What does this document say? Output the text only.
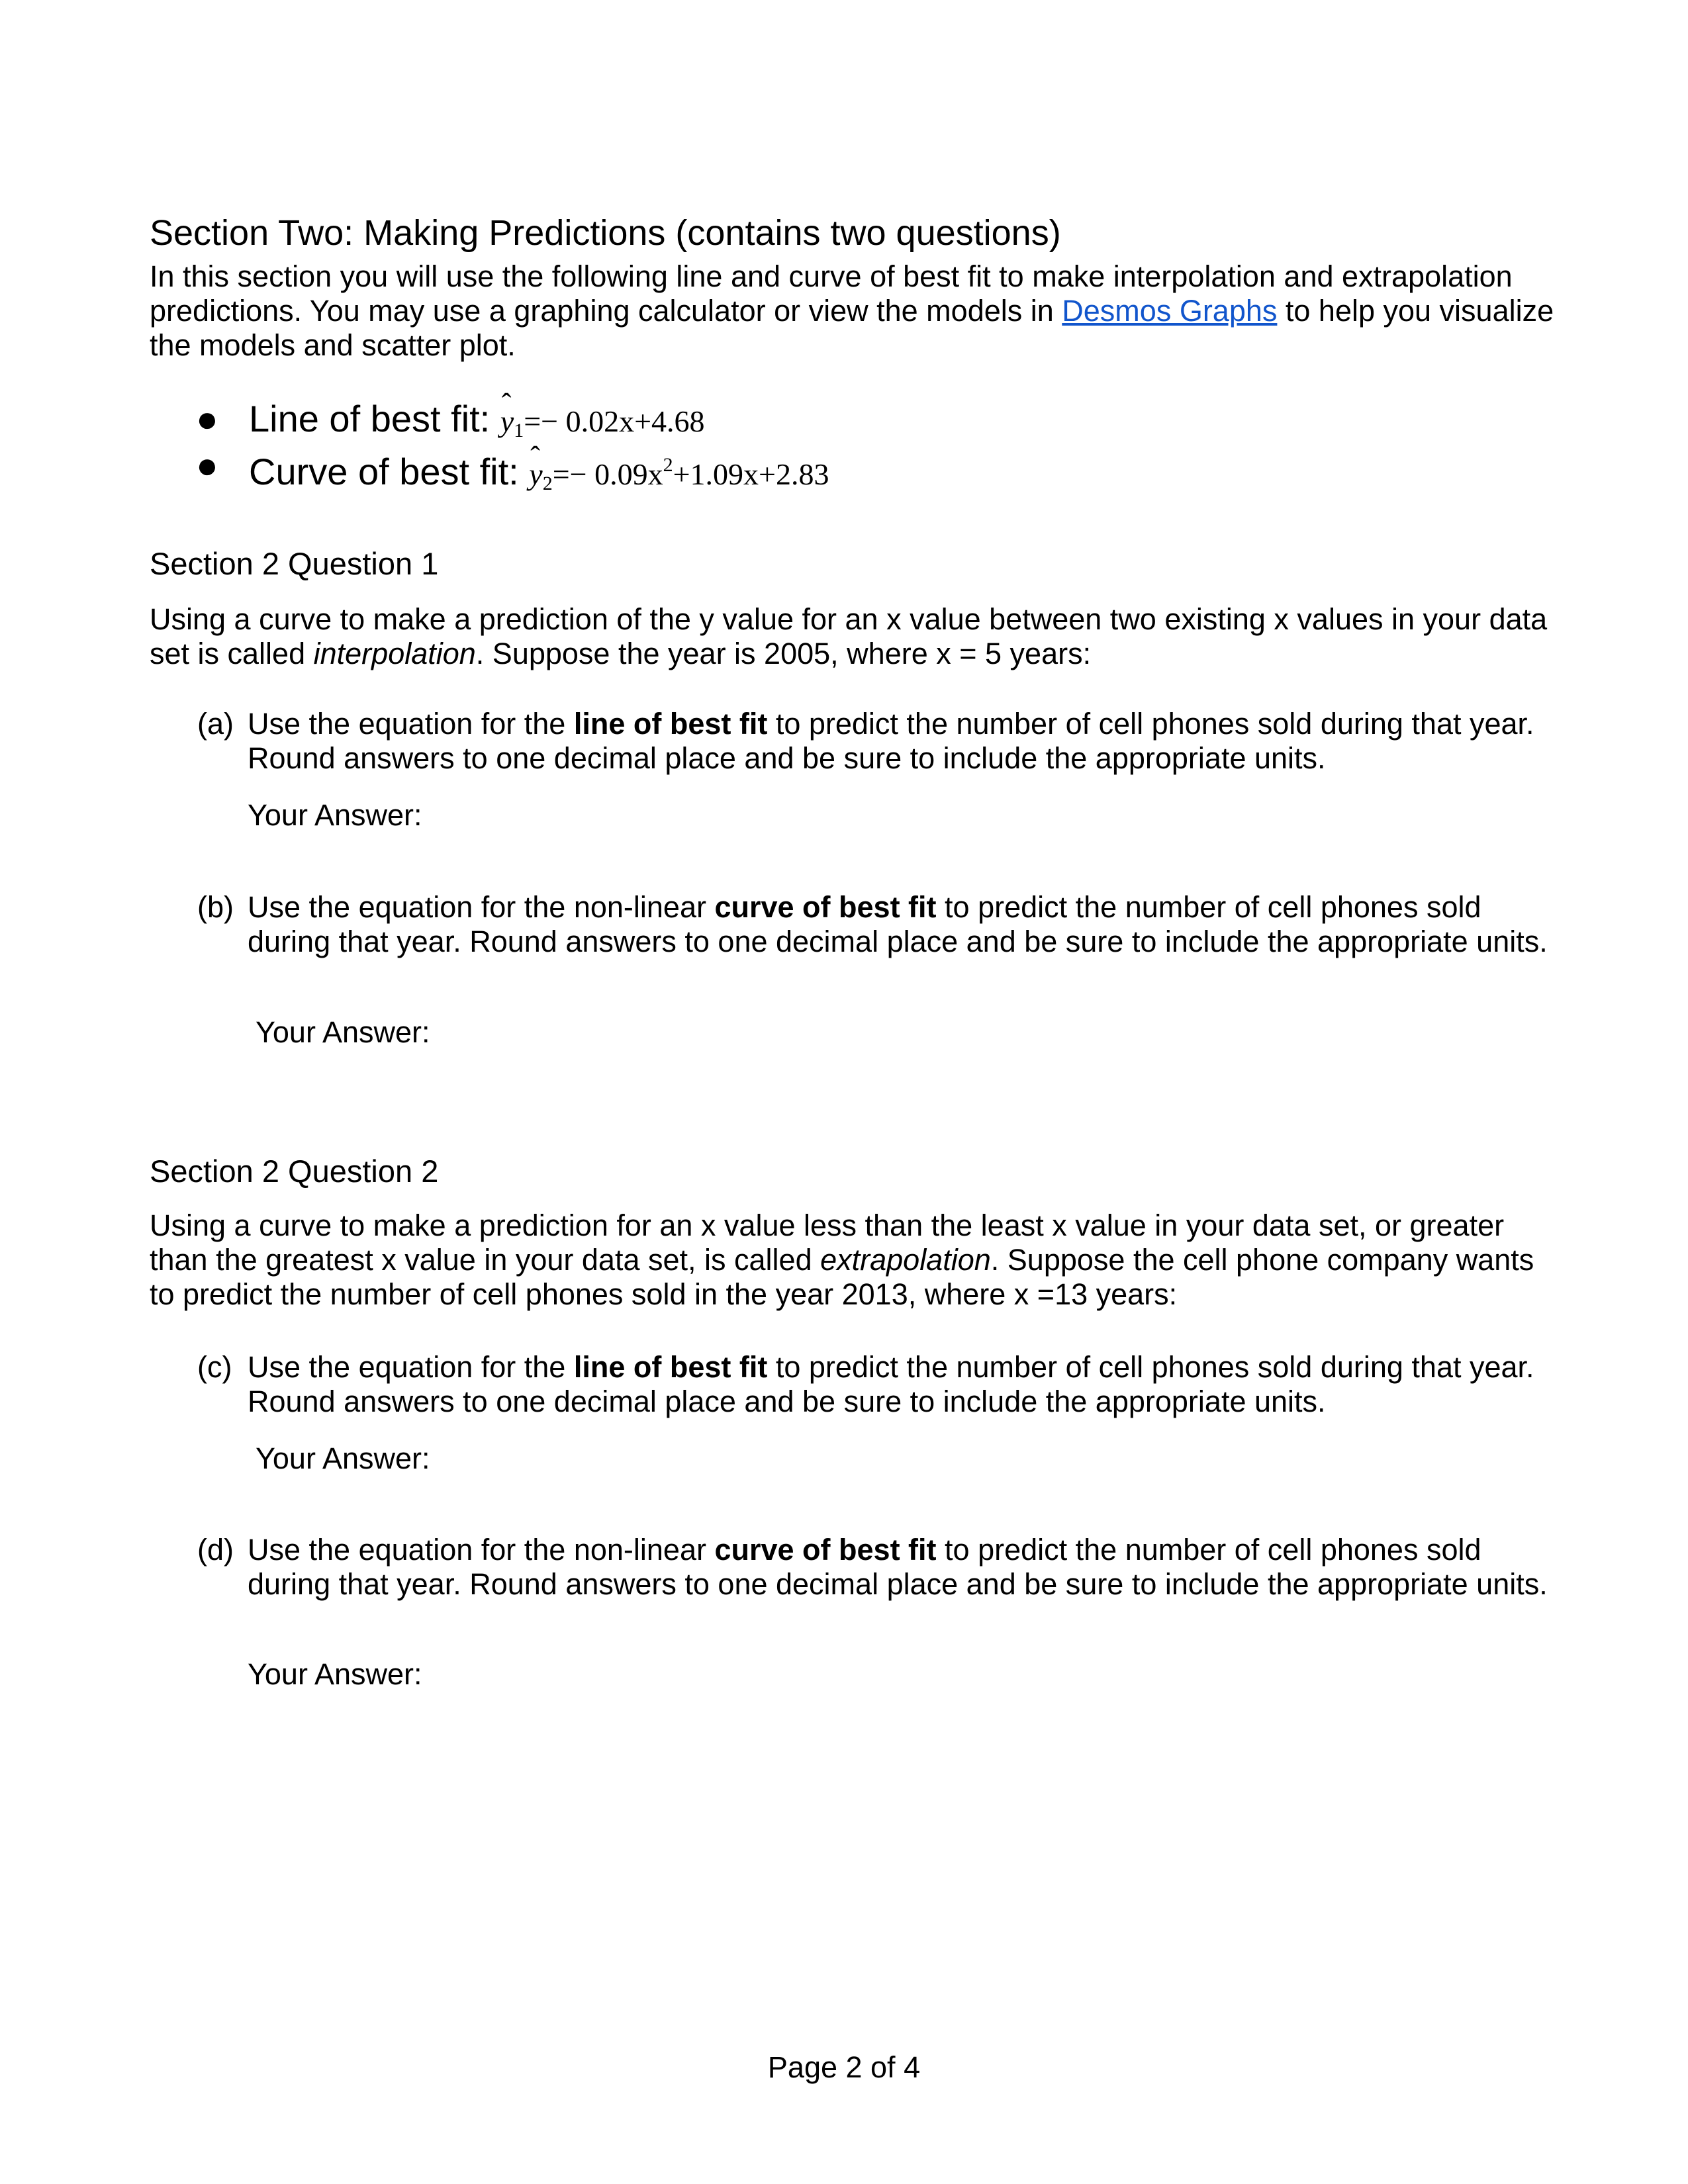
Section Two: Making Predictions (contains two questions)
In this section you will use the following line and curve of best fit to make interpolation and extrapolation predictions. You may use a graphing calculator or view the models in Desmos Graphs to help you visualize the models and scatter plot.
● Line of best fit: ˆ $y_1=- 0.02x+4.68$
● Curve of best fit: ˆ $y_2=- 0.09x^2+1.09x+2.83$
Section 2 Question 1
Using a curve to make a prediction of the y value for an x value between two existing x values in your data set is called interpolation. Suppose the year is 2005, where x = 5 years:
(a) Use the equation for the line of best fit to predict the number of cell phones sold during that year. Round answers to one decimal place and be sure to include the appropriate units.
Your Answer:
(b) Use the equation for the non-linear curve of best fit to predict the number of cell phones sold during that year. Round answers to one decimal place and be sure to include the appropriate units.
Your Answer:
Section 2 Question 2
Using a curve to make a prediction for an x value less than the least x value in your data set, or greater than the greatest x value in your data set, is called extrapolation. Suppose the cell phone company wants to predict the number of cell phones sold in the year 2013, where x =13 years:
(c) Use the equation for the line of best fit to predict the number of cell phones sold during that year. Round answers to one decimal place and be sure to include the appropriate units.
Your Answer:
(d) Use the equation for the non-linear curve of best fit to predict the number of cell phones sold during that year. Round answers to one decimal place and be sure to include the appropriate units.
Your Answer:
Page 2 of 4
